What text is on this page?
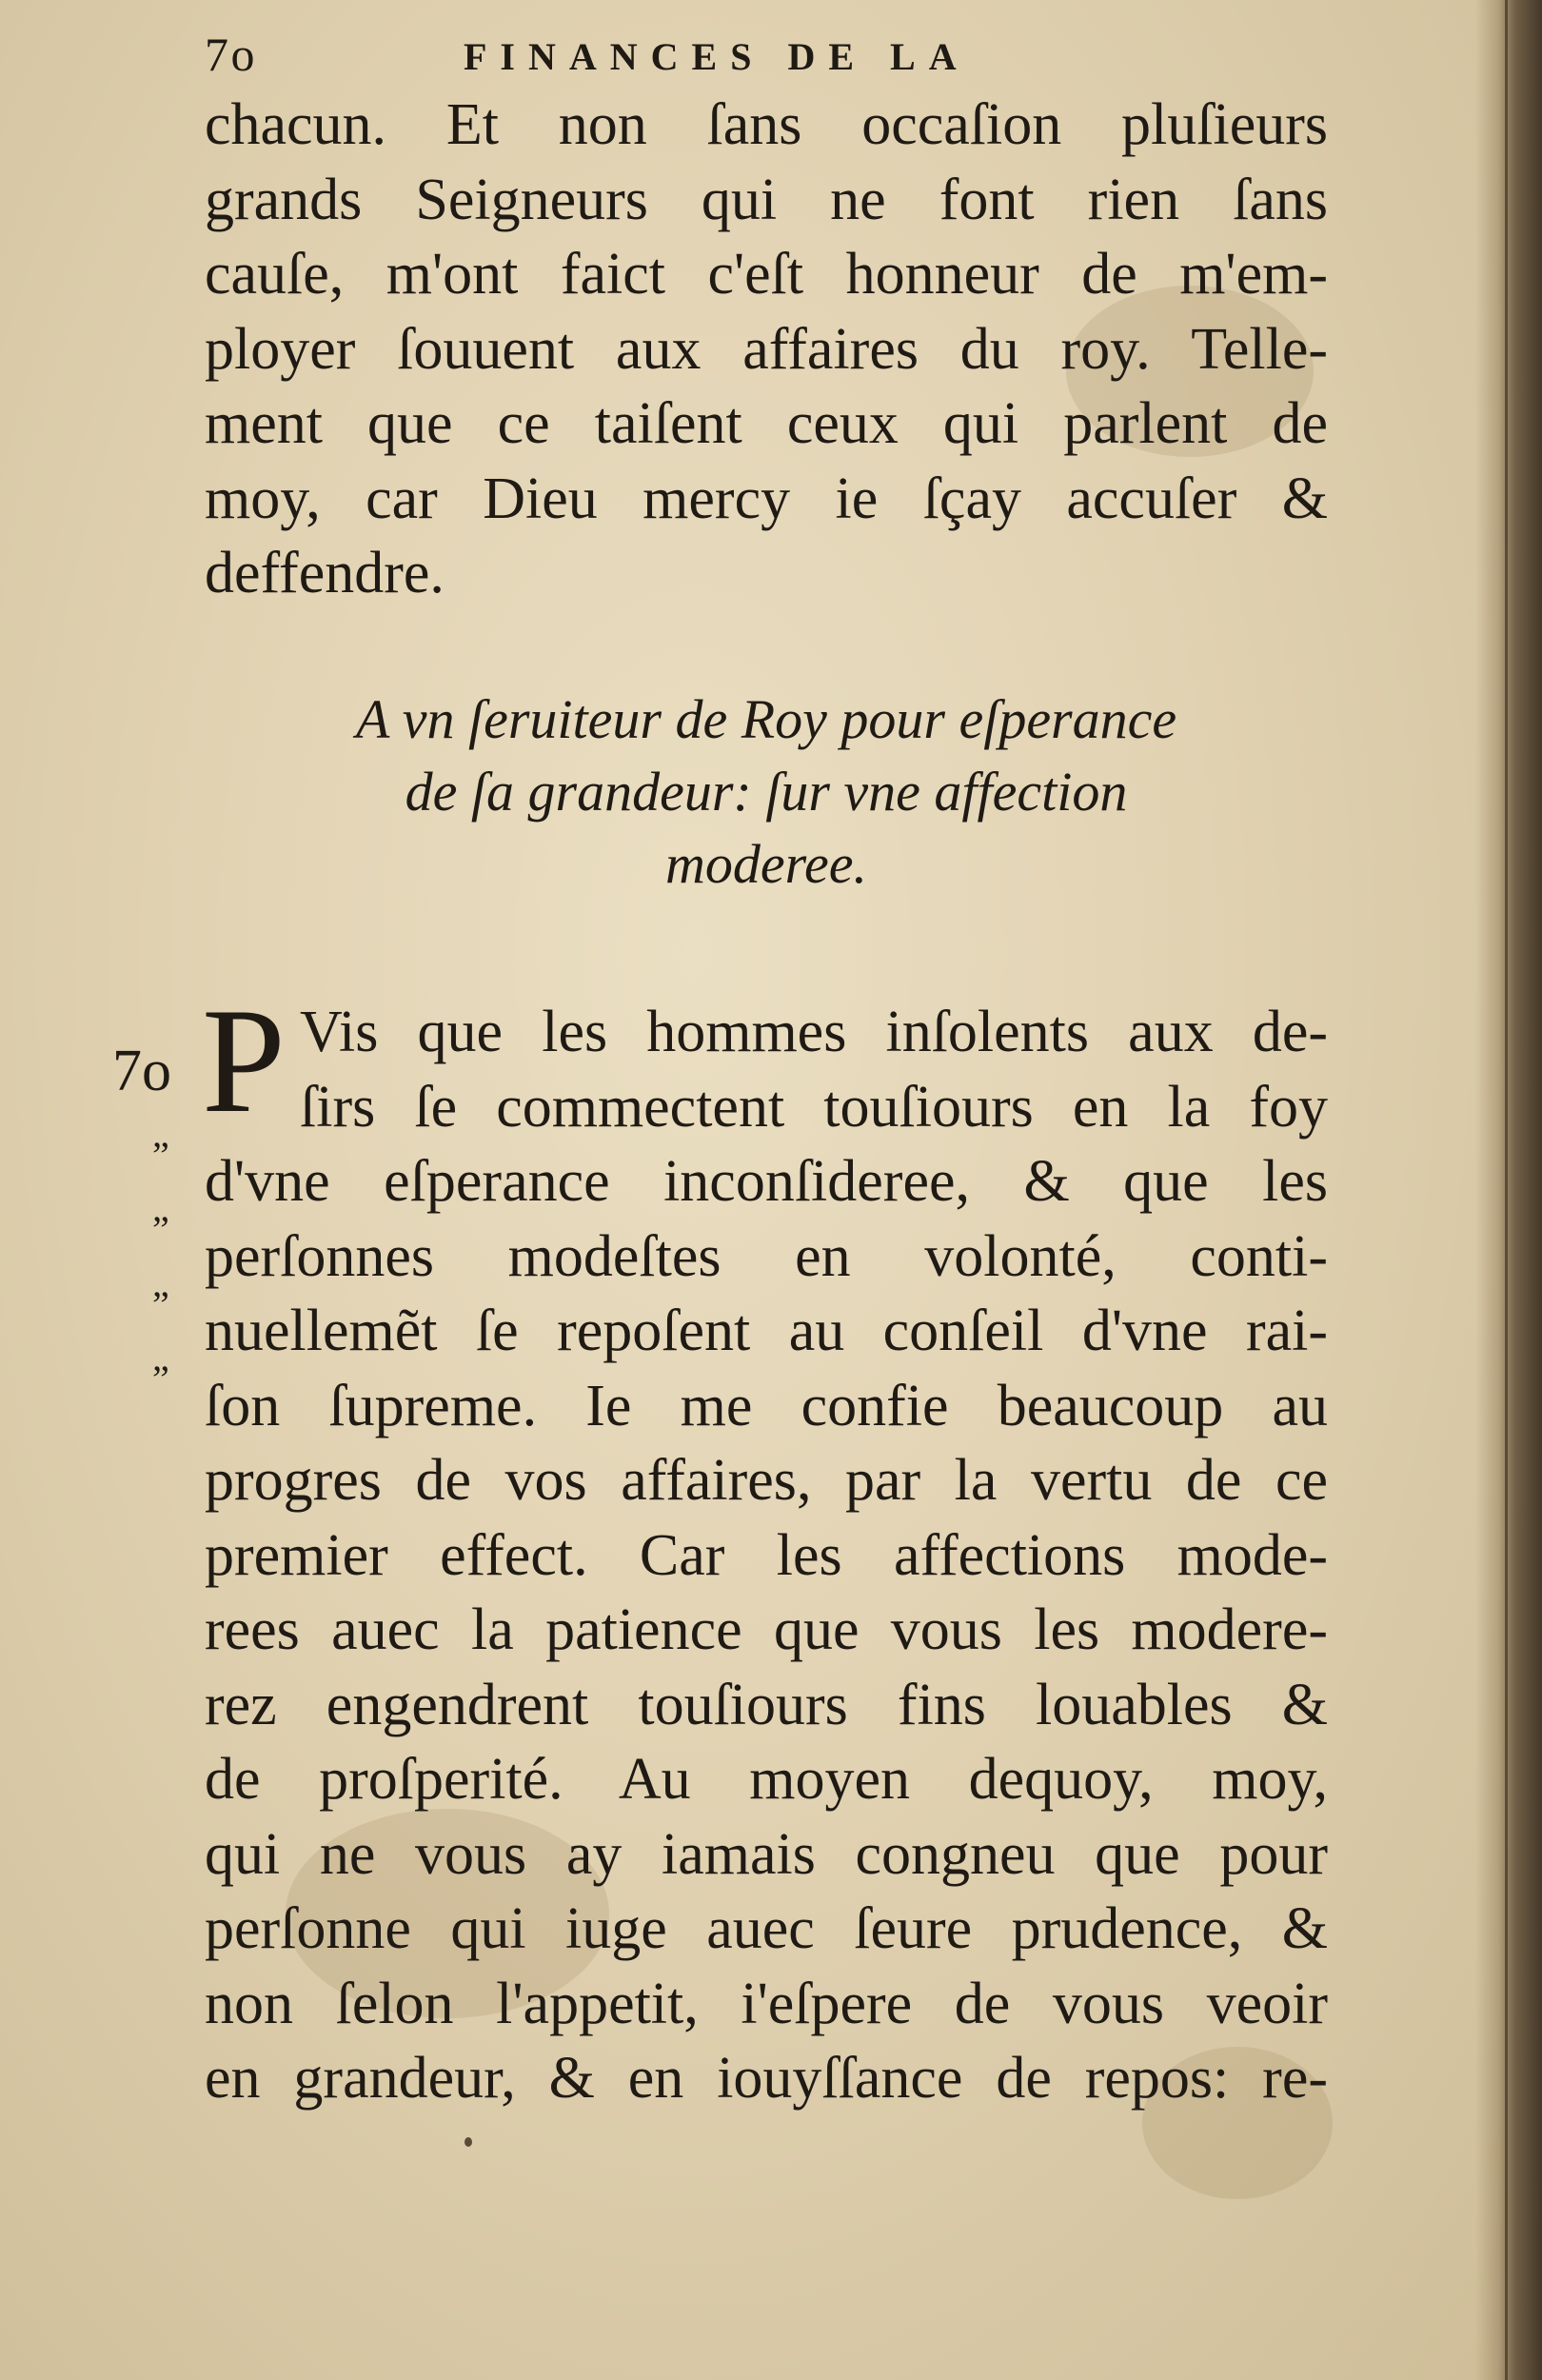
7o	FINANCES DE LA
chacun. Et non ſans occaſion pluſieurs
grands Seigneurs qui ne font rien ſans
cauſe, m'ont faict c'eſt honneur de m'em-
ployer ſouuent aux affaires du roy. Telle-
ment que ce taiſent ceux qui parlent de
moy, car Dieu mercy ie ſçay accuſer &
deffendre.
A vn ſeruiteur de Roy pour eſperance
de ſa grandeur: ſur vne affection
moderee.
7o P
”
”
”
”
Vis que les hommes inſolents aux de-
ſirs ſe commectent touſiours en la foy
d'vne eſperance inconſideree, & que les
perſonnes modeſtes en volonté, conti-
nuellemẽt ſe repoſent au conſeil d'vne rai-
ſon ſupreme. Ie me confie beaucoup au
progres de vos affaires, par la vertu de ce
premier effect. Car les affections mode-
rees auec la patience que vous les modere-
rez engendrent touſiours fins louables &
de proſperité. Au moyen dequoy, moy,
qui ne vous ay iamais congneu que pour
perſonne qui iuge auec ſeure prudence, &
non ſelon l'appetit, i'eſpere de vous veoir
en grandeur, & en iouyſſance de repos: re-
